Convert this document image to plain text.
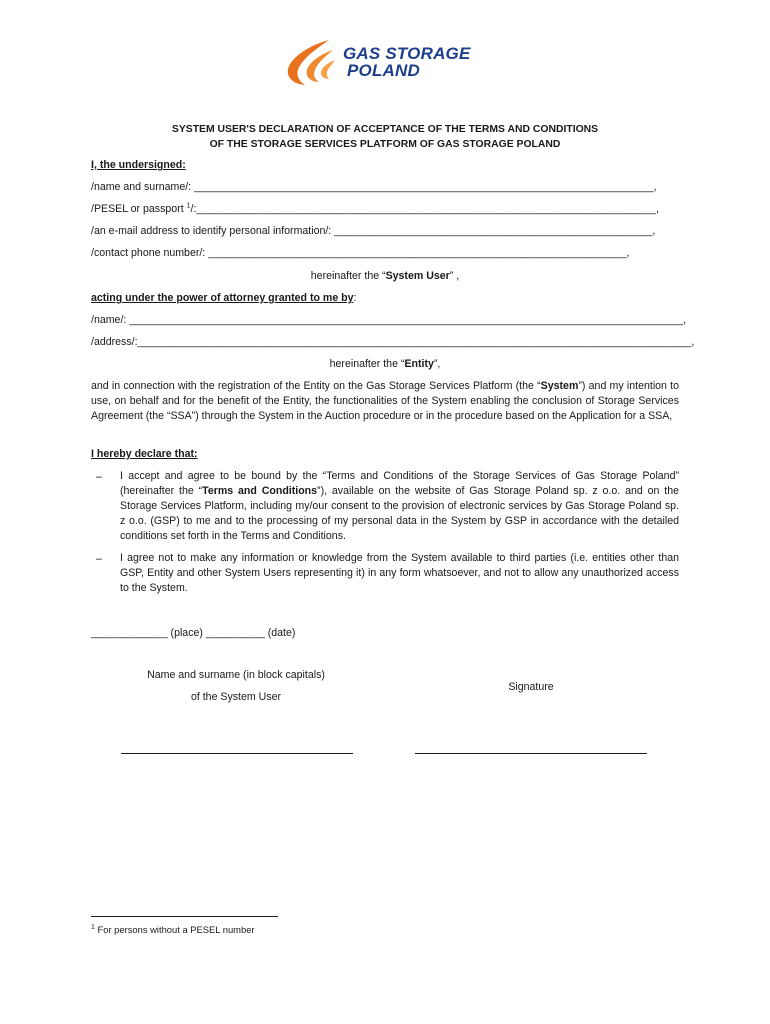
GAS STORAGE
POLAND
SYSTEM USER'S DECLARATION OF ACCEPTANCE OF THE TERMS AND CONDITIONS
OF THE STORAGE SERVICES PLATFORM OF GAS STORAGE POLAND
I, the undersigned:
/name and surname/: ______________________________________________________________________________,
/PESEL or passport $^1$/:______________________________________________________________________________,
/an e-mail address to identify personal information/: ______________________________________________________,
/contact phone number/: _______________________________________________________________________,
hereinafter the “System User” ,
acting under the power of attorney granted to me by:
/name/: ______________________________________________________________________________________________,
/address/:______________________________________________________________________________________________,
hereinafter the “Entity”,
and in connection with the registration of the Entity on the Gas Storage Services Platform (the “System”) and my intention to use, on behalf and for the benefit of the Entity, the functionalities of the System enabling the conclusion of Storage Services Agreement (the “SSA”) through the System in the Auction procedure or in the procedure based on the Application for a SSA,
I hereby declare that:
– I accept and agree to be bound by the “Terms and Conditions of the Storage Services of Gas Storage Poland” (hereinafter the “Terms and Conditions”), available on the website of Gas Storage Poland sp. z o.o. and on the Storage Services Platform, including my/our consent to the provision of electronic services by Gas Storage Poland sp. z o.o. (GSP) to me and to the processing of my personal data in the System by GSP in accordance with the detailed conditions set forth in the Terms and Conditions.
– I agree not to make any information or knowledge from the System available to third parties (i.e. entities other than GSP, Entity and other System Users representing it) in any form whatsoever, and not to allow any unauthorized access to the System.
_____________ (place) __________ (date)
Name and surname (in block capitals)
of the System User
Signature
$^1$ For persons without a PESEL number
